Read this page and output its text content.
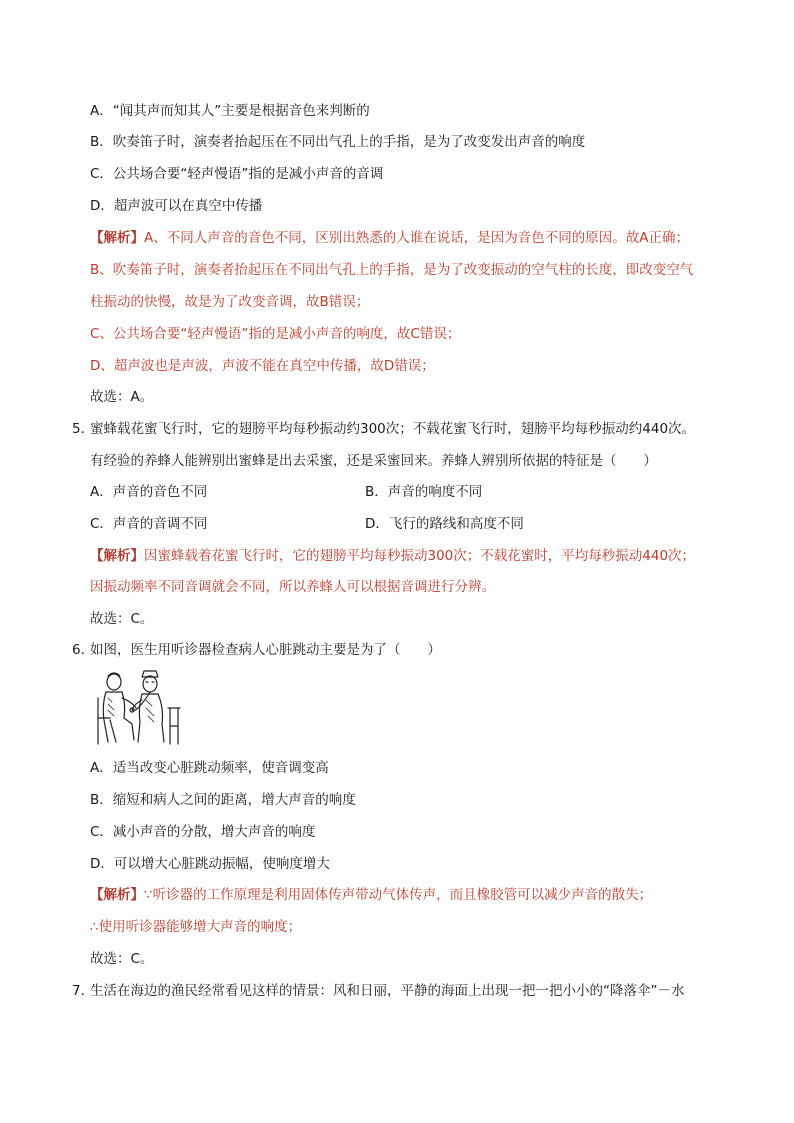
A．“闻其声而知其人”主要是根据音色来判断的
B．吹奏笛子时，演奏者抬起压在不同出气孔上的手指，是为了改变发出声音的响度
C．公共场合要“轻声慢语”指的是减小声音的音调
D．超声波可以在真空中传播
【解析】A、不同人声音的音色不同，区别出熟悉的人谁在说话，是因为音色不同的原因。故A正确；
B、吹奏笛子时，演奏者抬起压在不同出气孔上的手指，是为了改变振动的空气柱的长度，即改变空气
柱振动的快慢，故是为了改变音调，故B错误；
C、公共场合要“轻声慢语”指的是减小声音的响度，故C错误；
D、超声波也是声波，声波不能在真空中传播，故D错误；
故选：A。
5．
蜜蜂载花蜜飞行时，它的翅膀平均每秒振动约300次；不载花蜜飞行时，翅膀平均每秒振动约440次。
有经验的养蜂人能辨别出蜜蜂是出去采蜜，还是采蜜回来。养蜂人辨别所依据的特征是（　　）
A．声音的音色不同	B．声音的响度不同
C．声音的音调不同	D．飞行的路线和高度不同
【解析】因蜜蜂载着花蜜飞行时，它的翅膀平均每秒振动300次；不载花蜜时，平均每秒振动440次；
因振动频率不同音调就会不同，所以养蜂人可以根据音调进行分辨。
故选：C。
6．
如图，医生用听诊器检查病人心脏跳动主要是为了（　　）
A．适当改变心脏跳动频率，使音调变高
B．缩短和病人之间的距离，增大声音的响度
C．减小声音的分散，增大声音的响度
D．可以增大心脏跳动振幅，使响度增大
【解析】∵听诊器的工作原理是利用固体传声带动气体传声，而且橡胶管可以减少声音的散失；
∴使用听诊器能够增大声音的响度；
故选：C。
7．
生活在海边的渔民经常看见这样的情景：风和日丽，平静的海面上出现一把一把小小的“降落伞”－水
